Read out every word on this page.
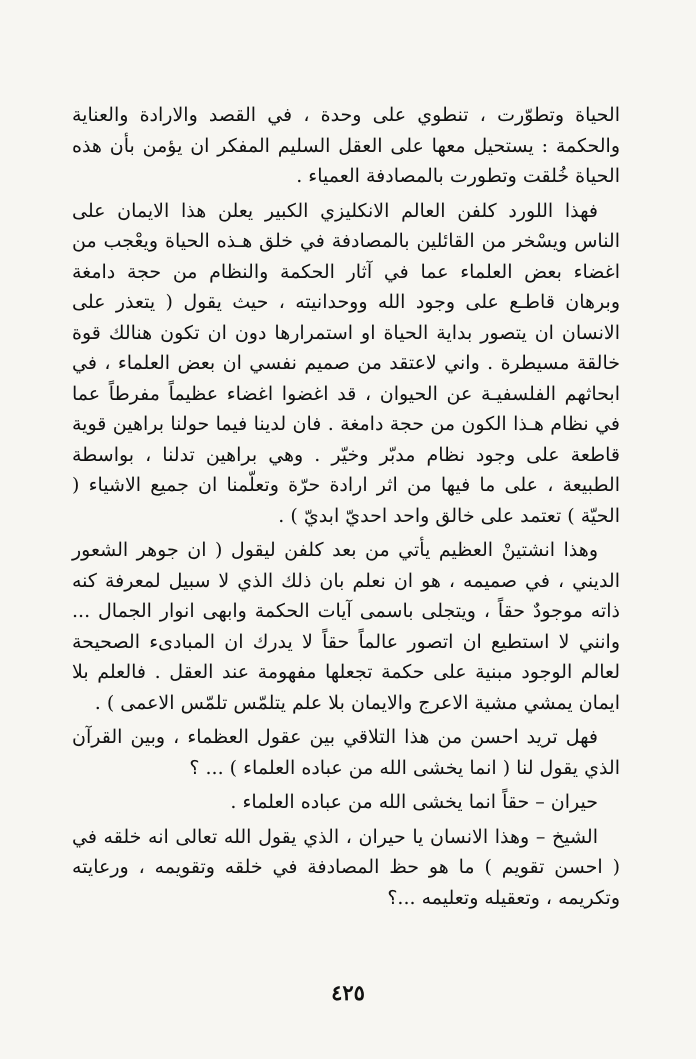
الحياة وتطوّرت ، تنطوي على وحدة ، في القصد والارادة والعناية والحكمة : يستحيل معها على العقل السليم المفكر ان يؤمن بأن هذه الحياة خُلقت وتطورت بالمصادفة العمياء .

فهذا اللورد كلفن العالم الانكليزي الكبير يعلن هذا الايمان على الناس ويسْخر من القائلين بالمصادفة في خلق هـذه الحياة ويعْجب من اغضاء بعض العلماء عما في آثار الحكمة والنظام من حجة دامغة وبرهان قاطـع على وجود الله ووحدانيته ، حيث يقول ( يتعذر على الانسان ان يتصور بداية الحياة او استمرارها دون ان تكون هنالك قوة خالقة مسيطرة . واني لاعتقد من صميم نفسي ان بعض العلماء ، في ابحاثهم الفلسفيـة عن الحيوان ، قد اغضوا اغضاء عظيماً مفرطاً عما في نظام هـذا الكون من حجة دامغة . فان لدينا فيما حولنا براهين قوية قاطعة على وجود نظام مدبّر وخيّر . وهي براهين تدلنا ، بواسطة الطبيعة ، على ما فيها من اثر ارادة حرّة وتعلّمنا ان جميع الاشياء ( الحيّة ) تعتمد على خالق واحد احديّ ابديّ ) .

وهذا انشتينْ العظيم يأتي من بعد كلفن ليقول ( ان جوهر الشعور الديني ، في صميمه ، هو ان نعلم بان ذلك الذي لا سبيل لمعرفة كنه ذاته موجودٌ حقاً ، ويتجلى باسمى آيات الحكمة وابهى انوار الجمال ... وانني لا استطيع ان اتصور عالماً حقاً لا يدرك ان المبادىء الصحيحة لعالم الوجود مبنية على حكمة تجعلها مفهومة عند العقل . فالعلم بلا ايمان يمشي مشية الاعرج والايمان بلا علم يتلمّس تلمّس الاعمى ) .

فهل تريد احسن من هذا التلاقي بين عقول العظماء ، وبين القرآن الذي يقول لنا ( انما يخشى الله من عباده العلماء ) ... ؟

حيران – حقاً انما يخشى الله من عباده العلماء .

الشيخ – وهذا الانسان يا حيران ، الذي يقول الله تعالى انه خلقه في ( احسن تقويم ) ما هو حظ المصادفة في خلقه وتقويمه ، ورعايته وتكريمه ، وتعقيله وتعليمه ...؟

٤٢٥
